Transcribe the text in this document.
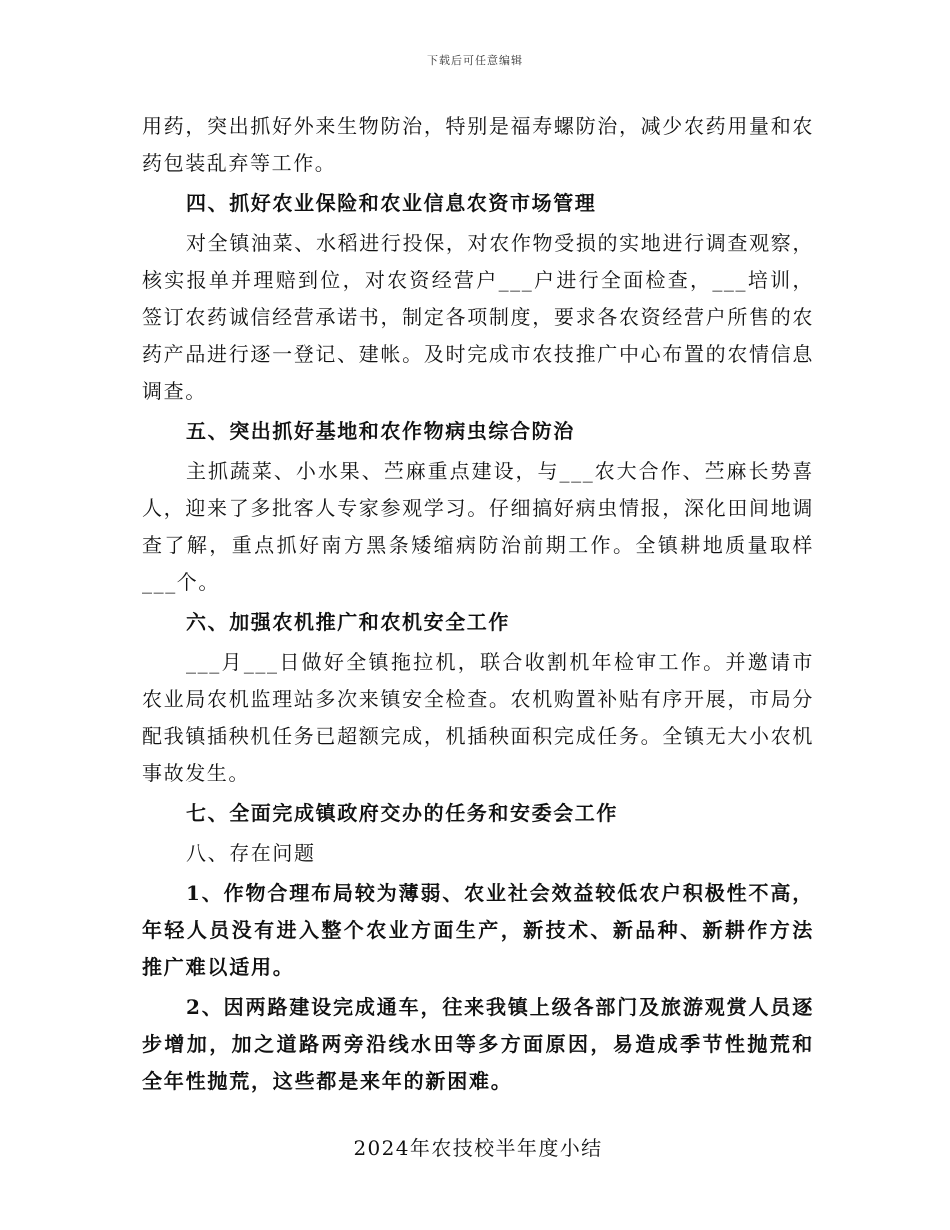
下载后可任意编辑

用药，突出抓好外来生物防治，特别是福寿螺防治，减少农药用量和农药包装乱弃等工作。

四、抓好农业保险和农业信息农资市场管理

对全镇油菜、水稻进行投保，对农作物受损的实地进行调查观察，核实报单并理赔到位，对农资经营户___户进行全面检查，___培训，签订农药诚信经营承诺书，制定各项制度，要求各农资经营户所售的农药产品进行逐一登记、建帐。及时完成市农技推广中心布置的农情信息调查。

五、突出抓好基地和农作物病虫综合防治

主抓蔬菜、小水果、苎麻重点建设，与___农大合作、苎麻长势喜人，迎来了多批客人专家参观学习。仔细搞好病虫情报，深化田间地调查了解，重点抓好南方黑条矮缩病防治前期工作。全镇耕地质量取样___个。

六、加强农机推广和农机安全工作

___月___日做好全镇拖拉机，联合收割机年检审工作。并邀请市农业局农机监理站多次来镇安全检查。农机购置补贴有序开展，市局分配我镇插秧机任务已超额完成，机插秧面积完成任务。全镇无大小农机事故发生。

七、全面完成镇政府交办的任务和安委会工作

八、存在问题

1、作物合理布局较为薄弱、农业社会效益较低农户积极性不高，年轻人员没有进入整个农业方面生产，新技术、新品种、新耕作方法推广难以适用。

2、因两路建设完成通车，往来我镇上级各部门及旅游观赏人员逐步增加，加之道路两旁沿线水田等多方面原因，易造成季节性抛荒和全年性抛荒，这些都是来年的新困难。

2024年农技校半年度小结
